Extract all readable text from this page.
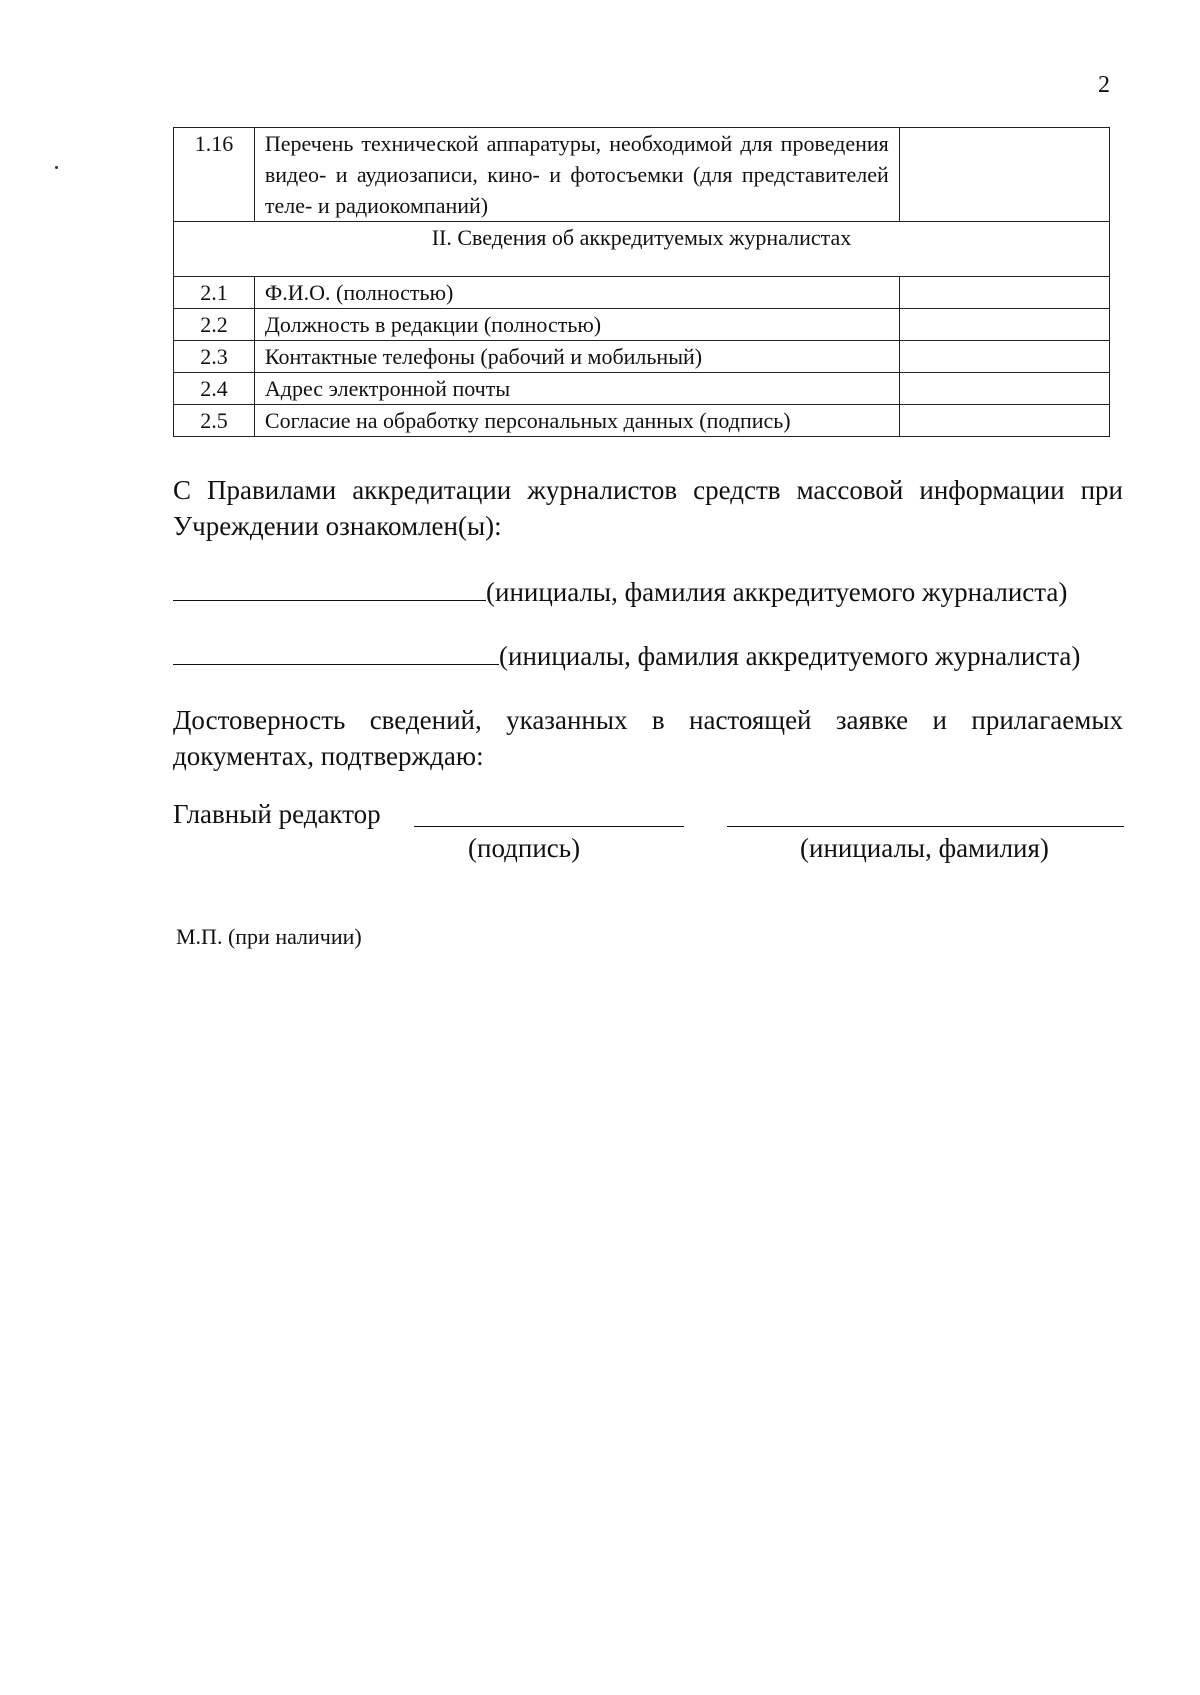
2
1.16	Перечень технической аппаратуры, необходимой для проведения видео- и аудиозаписи, кино- и фотосъемки (для представителей теле- и радиокомпаний)	
II. Сведения об аккредитуемых журналистах		
2.1	Ф.И.О. (полностью)	
2.2	Должность в редакции (полностью)	
2.3	Контактные телефоны (рабочий и мобильный)	
2.4	Адрес электронной почты	
2.5	Согласие на обработку персональных данных (подпись)	
С Правилами аккредитации журналистов средств массовой информации при Учреждении ознакомлен(ы):
(инициалы, фамилия аккредитуемого журналиста)
(инициалы, фамилия аккредитуемого журналиста)
Достоверность сведений, указанных в настоящей заявке и прилагаемых документах, подтверждаю:
Главный редактор
(подпись)	(инициалы, фамилия)
М.П. (при наличии)
